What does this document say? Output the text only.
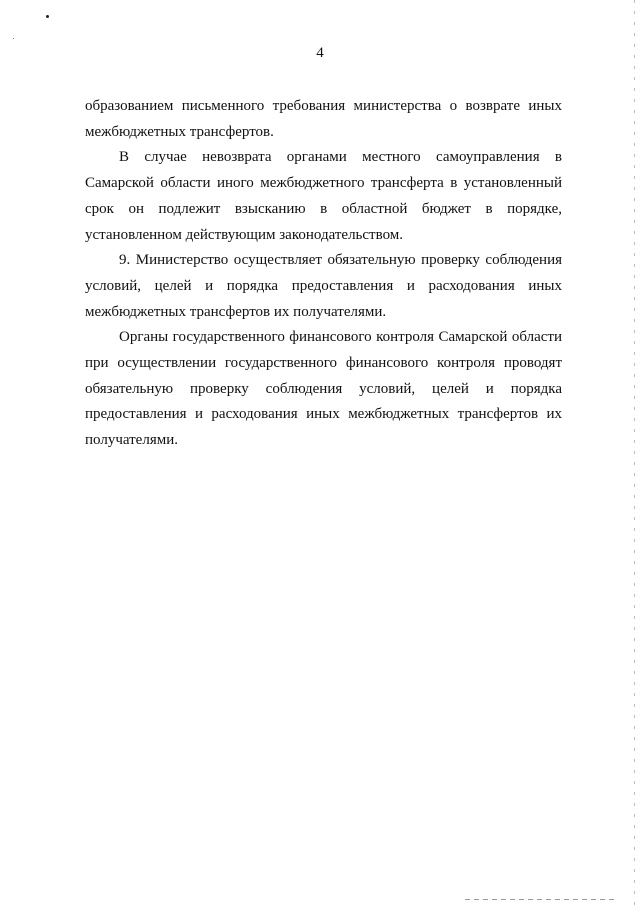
4

образованием письменного требования министерства о возврате иных межбюджетных трансфертов.

В случае невозврата органами местного самоуправления в Самарской области иного межбюджетного трансферта в установленный срок он подлежит взысканию в областной бюджет в порядке, установленном действующим законодательством.

9. Министерство осуществляет обязательную проверку соблюдения условий, целей и порядка предоставления и расходования иных межбюджетных трансфертов их получателями.

Органы государственного финансового контроля Самарской области при осуществлении государственного финансового контроля проводят обязательную проверку соблюдения условий, целей и порядка предоставления и расходования иных межбюджетных трансфертов их получателями.
